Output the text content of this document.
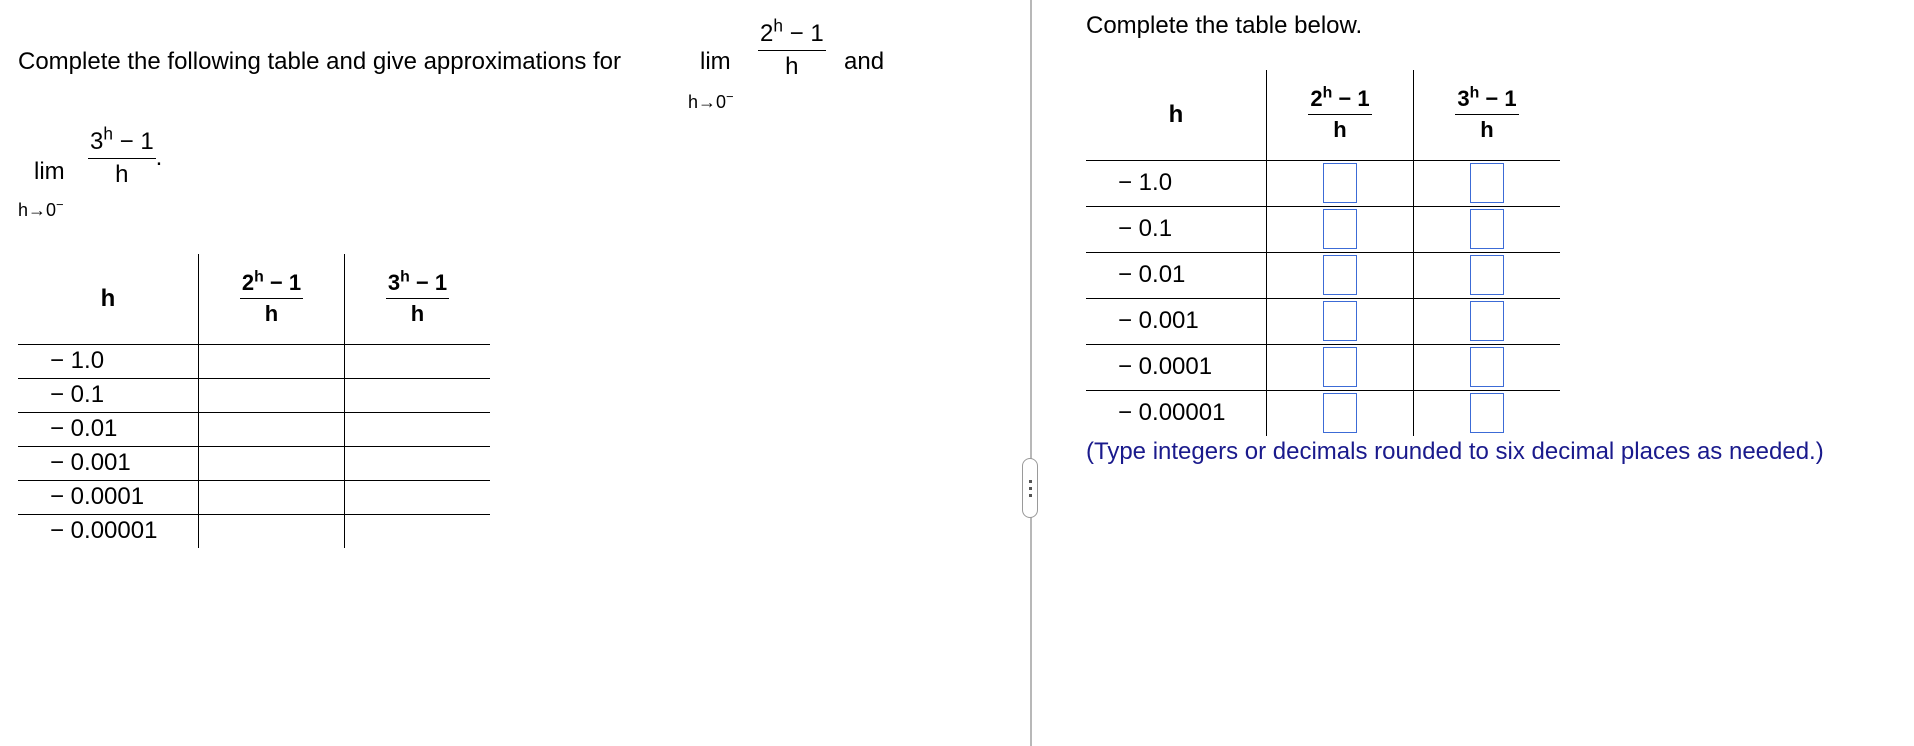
Complete the following table and give approximations for	lim
h→0−
$\frac{2^h - 1}{h}$ and
lim
h→0−
$\frac{3^h - 1}{h}$ .
h	$\frac{2^h - 1}{h}$	$\frac{3^h - 1}{h}$

− 1.0		
− 0.1		
− 0.01		
− 0.001		
− 0.0001		
− 0.00001		
Complete the table below.
h	$\frac{2^h - 1}{h}$	$\frac{3^h - 1}{h}$

− 1.0		
− 0.1		
− 0.01		
− 0.001		
− 0.0001		
− 0.00001		
(Type integers or decimals rounded to six decimal places as needed.)
